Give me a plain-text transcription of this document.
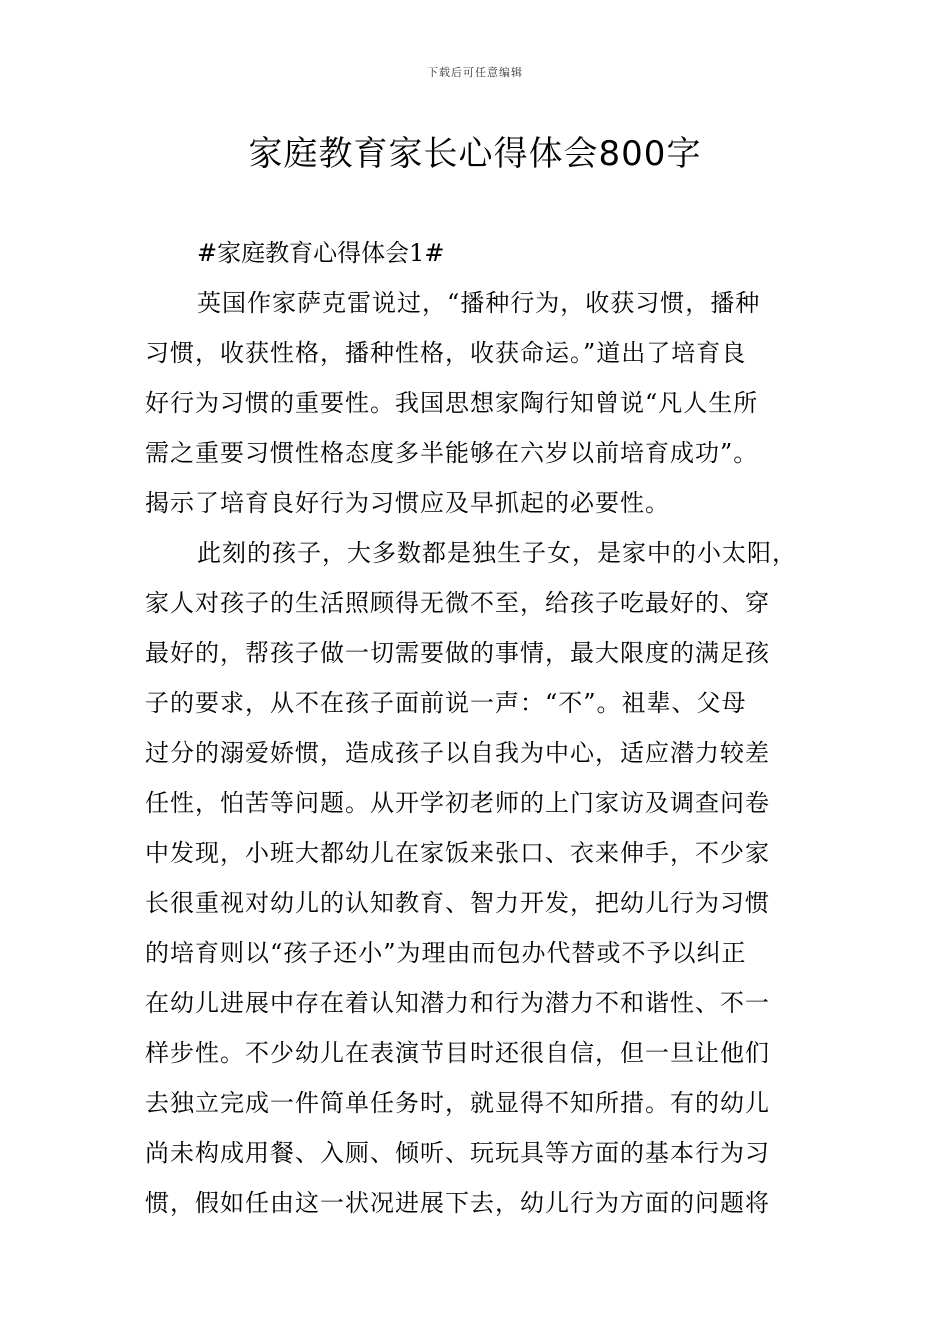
下载后可任意编辑
家庭教育家长心得体会800字

#家庭教育心得体会1#

英国作家萨克雷说过，“播种行为，收获习惯，播种
习惯，收获性格，播种性格，收获命运。”道出了培育良
好行为习惯的重要性。我国思想家陶行知曾说“凡人生所
需之重要习惯性格态度多半能够在六岁以前培育成功”。
揭示了培育良好行为习惯应及早抓起的必要性。
此刻的孩子，大多数都是独生子女，是家中的小太阳，
家人对孩子的生活照顾得无微不至，给孩子吃最好的、穿
最好的，帮孩子做一切需要做的事情，最大限度的满足孩
子的要求，从不在孩子面前说一声：“不”。祖辈、父母
过分的溺爱娇惯，造成孩子以自我为中心，适应潜力较差
任性，怕苦等问题。从开学初老师的上门家访及调查问卷
中发现，小班大都幼儿在家饭来张口、衣来伸手，不少家
长很重视对幼儿的认知教育、智力开发，把幼儿行为习惯
的培育则以“孩子还小”为理由而包办代替或不予以纠正
在幼儿进展中存在着认知潜力和行为潜力不和谐性、不一
样步性。不少幼儿在表演节目时还很自信，但一旦让他们
去独立完成一件简单任务时，就显得不知所措。有的幼儿
尚未构成用餐、入厕、倾听、玩玩具等方面的基本行为习
惯，假如任由这一状况进展下去，幼儿行为方面的问题将
